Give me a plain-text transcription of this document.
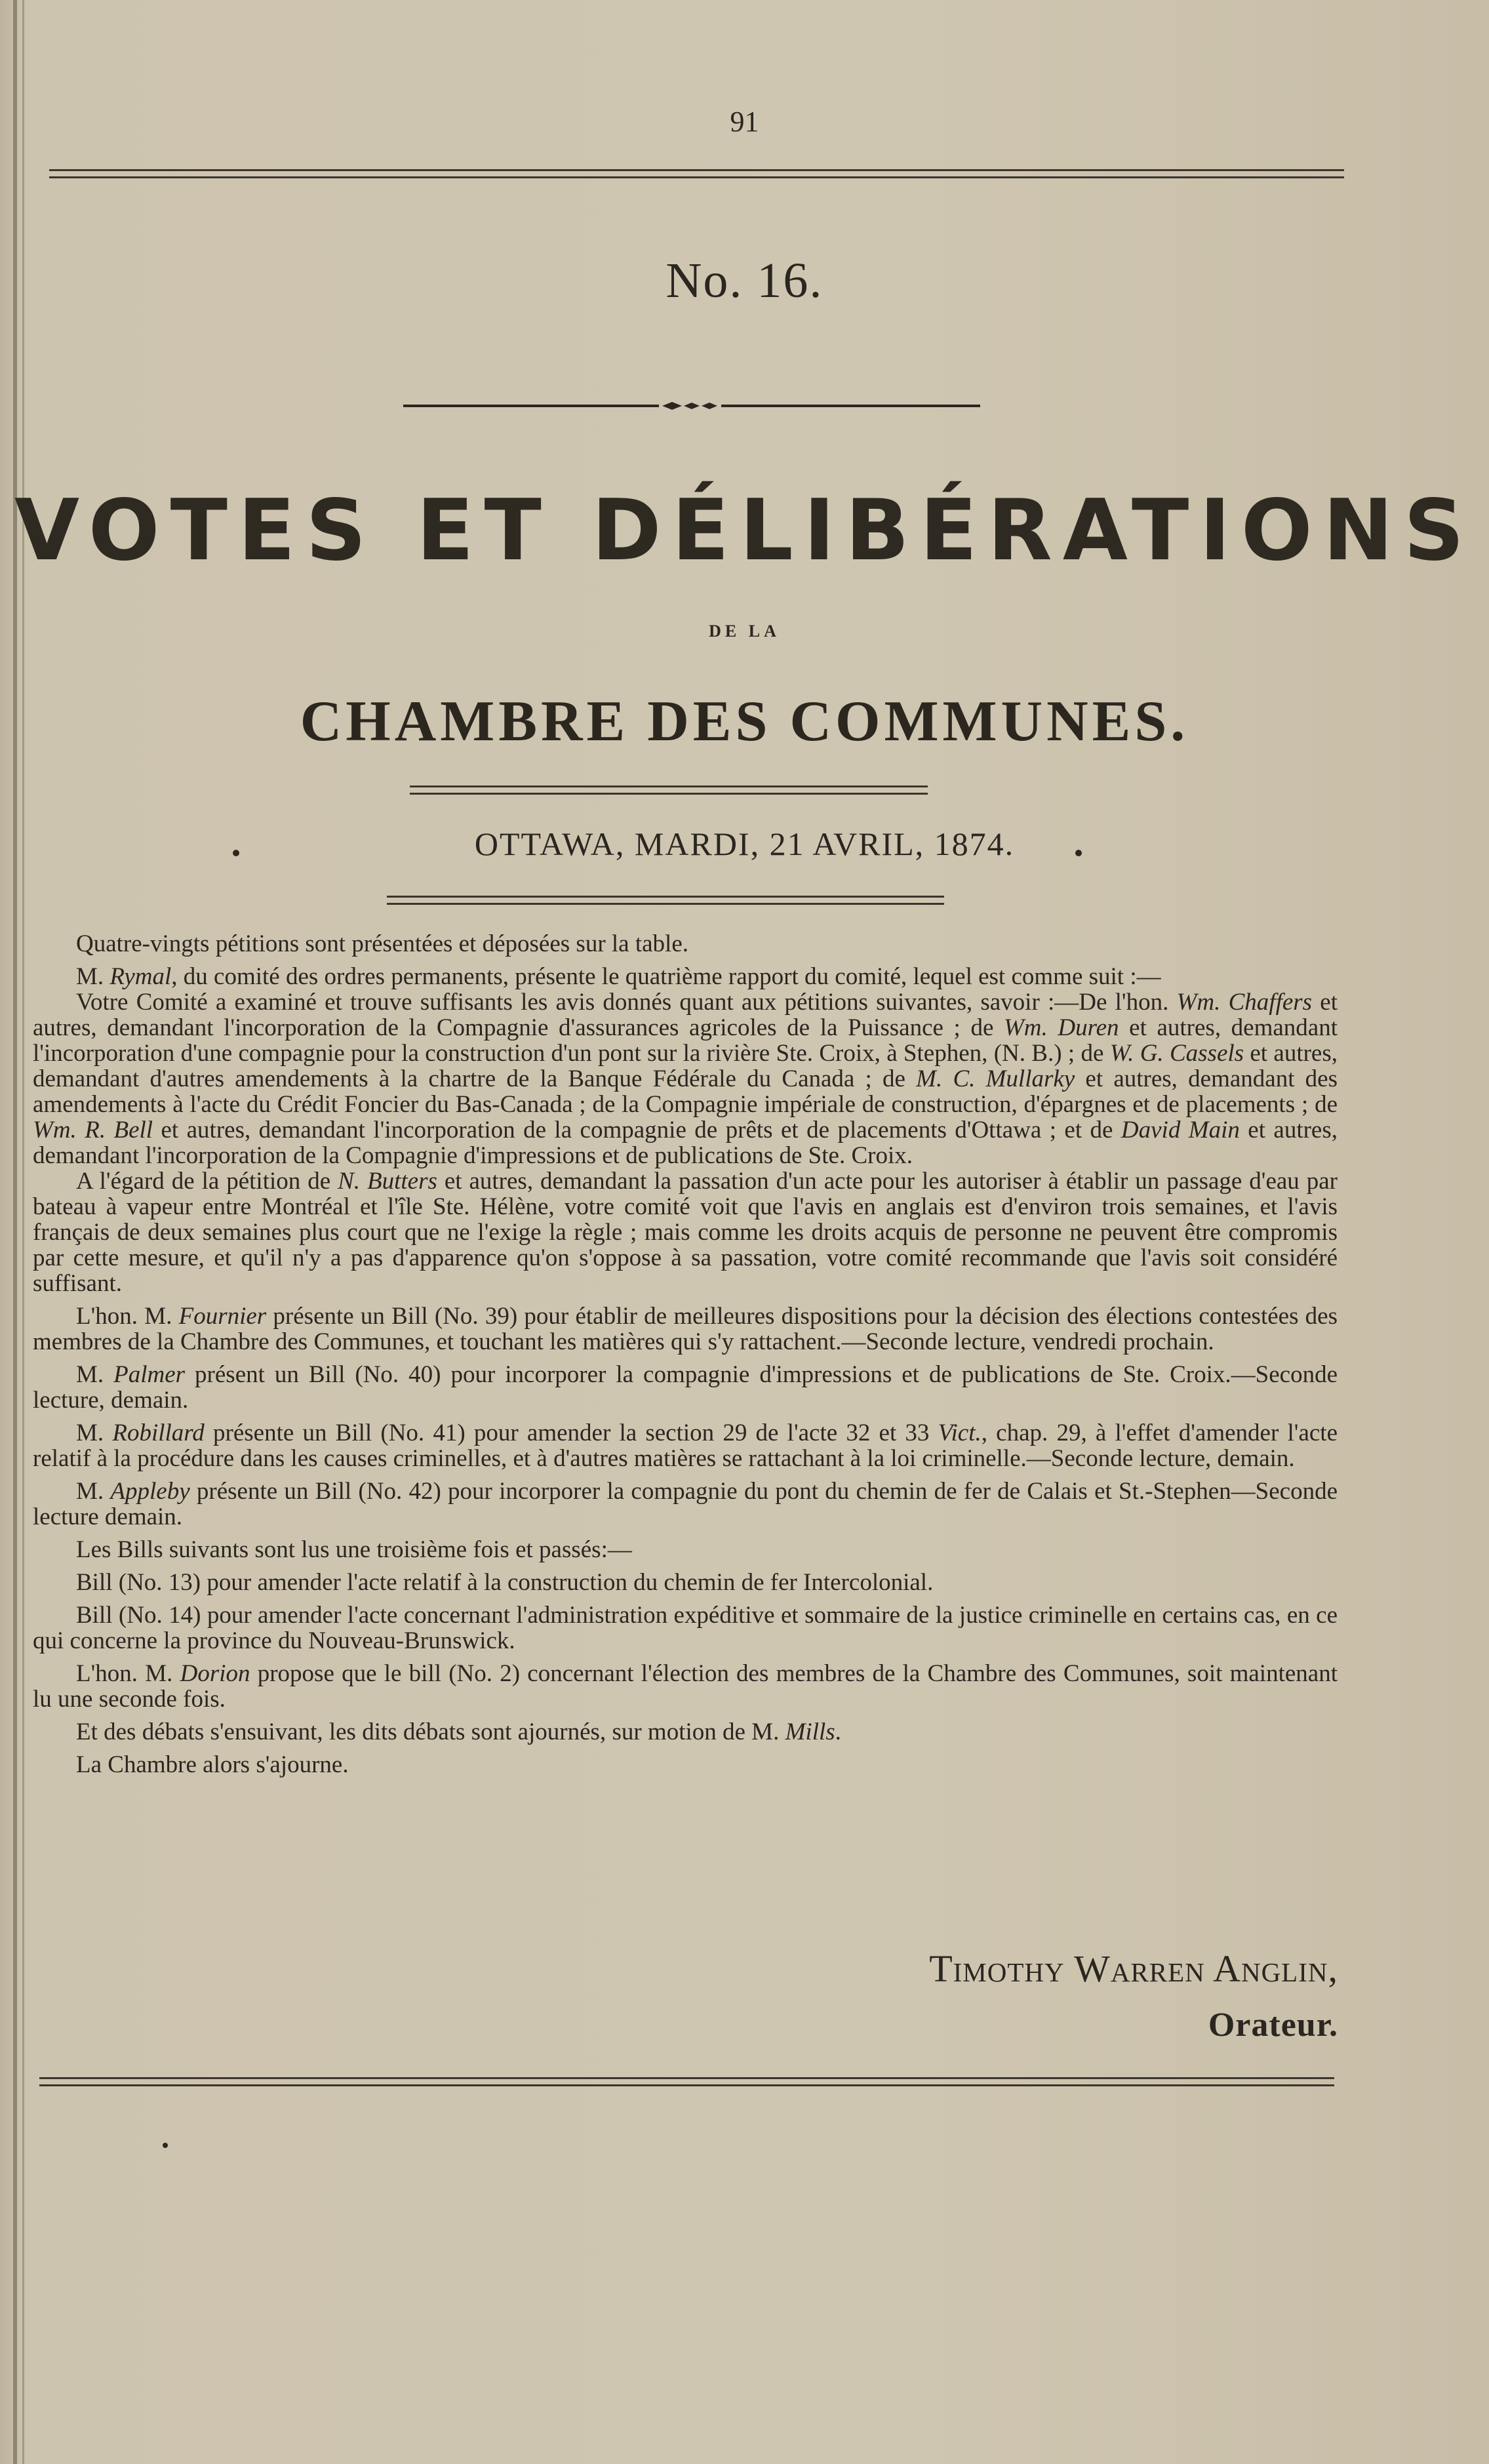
91
No. 16.
VOTES ET DÉLIBÉRATIONS
DE LA
CHAMBRE DES COMMUNES.
OTTAWA, MARDI, 21 AVRIL, 1874.

Quatre-vingts pétitions sont présentées et déposées sur la table.

M. Rymal, du comité des ordres permanents, présente le quatrième rapport du comité, lequel est comme suit :—

Votre Comité a examiné et trouve suffisants les avis donnés quant aux pétitions suivantes, savoir :—De l'hon. Wm. Chaffers et autres, demandant l'incorporation de la Compagnie d'assurances agricoles de la Puissance ; de Wm. Duren et autres, demandant l'incorporation d'une compagnie pour la construction d'un pont sur la rivière Ste. Croix, à Stephen, (N. B.) ; de W. G. Cassels et autres, demandant d'autres amendements à la chartre de la Banque Fédérale du Canada ; de M. C. Mullarky et autres, demandant des amendements à l'acte du Crédit Foncier du Bas-Canada ; de la Compagnie impériale de construction, d'épargnes et de placements ; de Wm. R. Bell et autres, demandant l'incorporation de la compagnie de prêts et de placements d'Ottawa ; et de David Main et autres, demandant l'incorporation de la Compagnie d'impressions et de publications de Ste. Croix.

A l'égard de la pétition de N. Butters et autres, demandant la passation d'un acte pour les autoriser à établir un passage d'eau par bateau à vapeur entre Montréal et l'île Ste. Hélène, votre comité voit que l'avis en anglais est d'environ trois semaines, et l'avis français de deux semaines plus court que ne l'exige la règle ; mais comme les droits acquis de personne ne peuvent être compromis par cette mesure, et qu'il n'y a pas d'apparence qu'on s'oppose à sa passation, votre comité recommande que l'avis soit considéré suffisant.

L'hon. M. Fournier présente un Bill (No. 39) pour établir de meilleures dispositions pour la décision des élections contestées des membres de la Chambre des Communes, et touchant les matières qui s'y rattachent.—Seconde lecture, vendredi prochain.

M. Palmer présent un Bill (No. 40) pour incorporer la compagnie d'impressions et de publications de Ste. Croix.—Seconde lecture, demain.

M. Robillard présente un Bill (No. 41) pour amender la section 29 de l'acte 32 et 33 Vict., chap. 29, à l'effet d'amender l'acte relatif à la procédure dans les causes criminelles, et à d'autres matières se rattachant à la loi criminelle.—Seconde lecture, demain.

M. Appleby présente un Bill (No. 42) pour incorporer la compagnie du pont du chemin de fer de Calais et St.-Stephen—Seconde lecture demain.

Les Bills suivants sont lus une troisième fois et passés:—

Bill (No. 13) pour amender l'acte relatif à la construction du chemin de fer Intercolonial.

Bill (No. 14) pour amender l'acte concernant l'administration expéditive et sommaire de la justice criminelle en certains cas, en ce qui concerne la province du Nouveau-Brunswick.

L'hon. M. Dorion propose que le bill (No. 2) concernant l'élection des membres de la Chambre des Communes, soit maintenant lu une seconde fois.

Et des débats s'ensuivant, les dits débats sont ajournés, sur motion de M. Mills.

La Chambre alors s'ajourne.

Timothy Warren Anglin,
Orateur.
